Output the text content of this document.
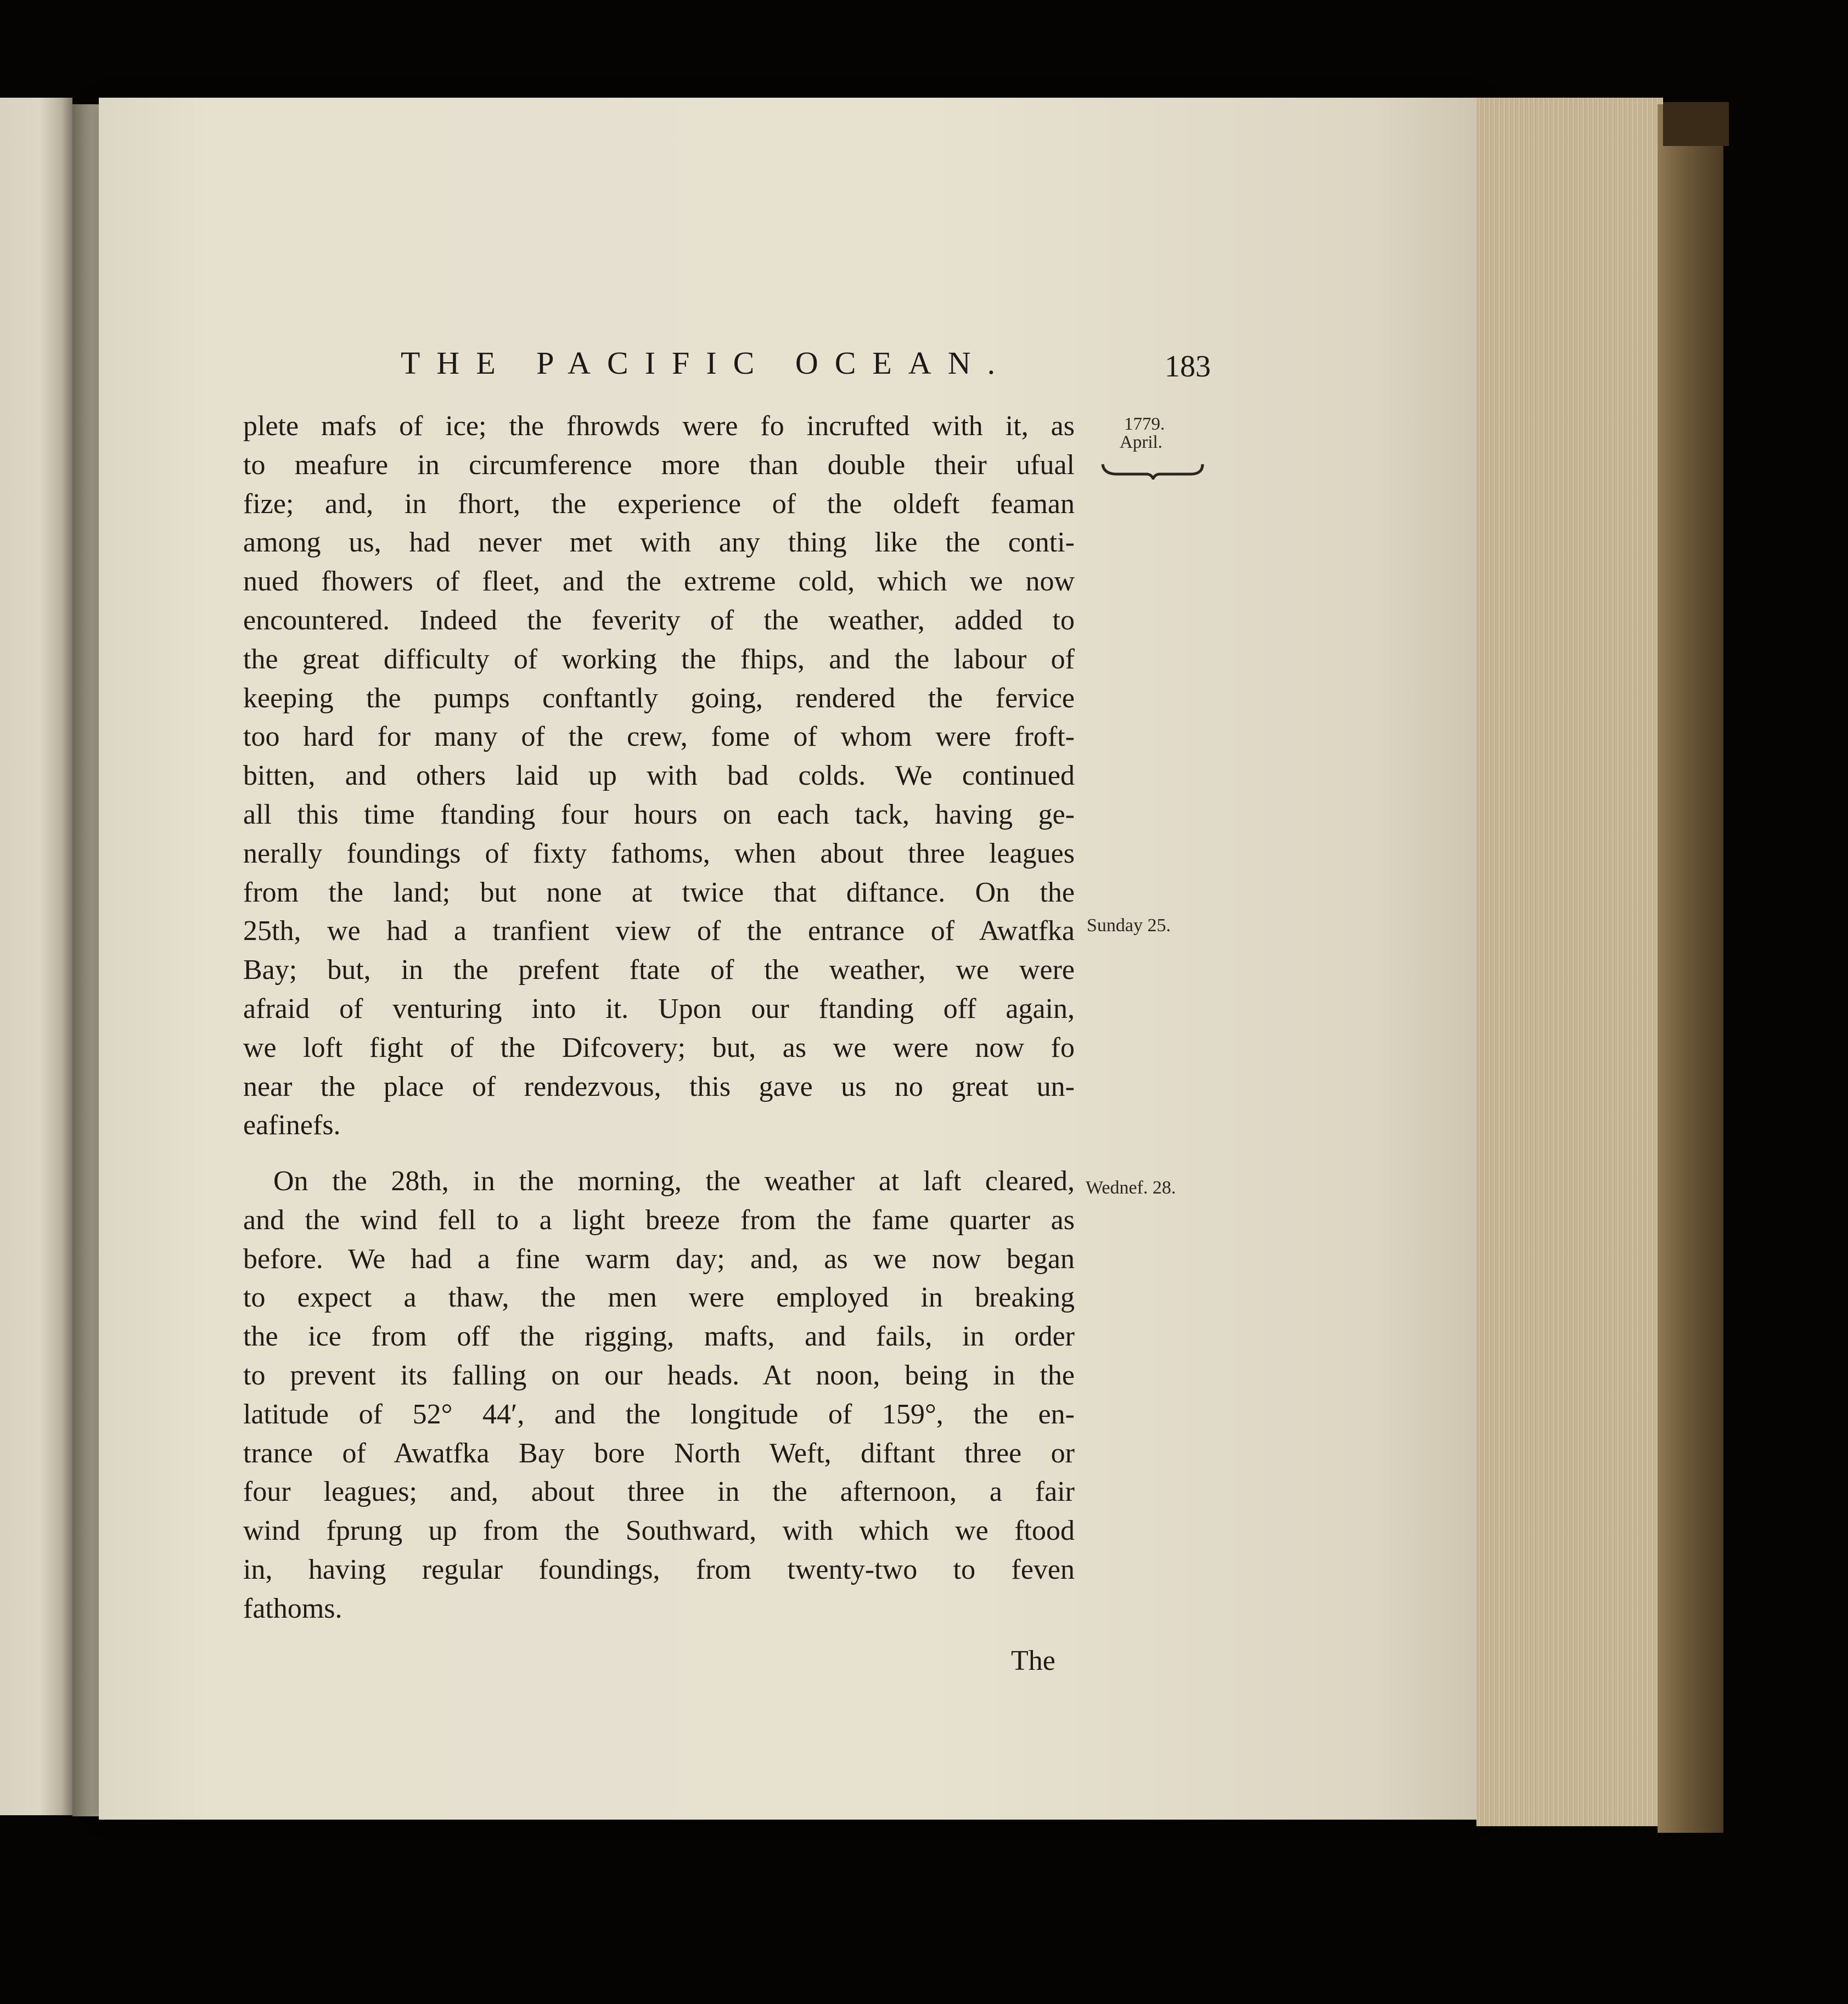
THE PACIFIC OCEAN.	183
1779.
April.
Sunday 25.
Wednef. 28.
plete mafs of ice; the fhrowds were fo incrufted with it, as
to meafure in circumference more than double their ufual
fize; and, in fhort, the experience of the oldeft feaman
among us, had never met with any thing like the conti-
nued fhowers of fleet, and the extreme cold, which we now
encountered. Indeed the feverity of the weather, added to
the great difficulty of working the fhips, and the labour of
keeping the pumps conftantly going, rendered the fervice
too hard for many of the crew, fome of whom were froft-
bitten, and others laid up with bad colds. We continued
all this time ftanding four hours on each tack, having ge-
nerally foundings of fixty fathoms, when about three leagues
from the land; but none at twice that diftance. On the
25th, we had a tranfient view of the entrance of Awatfka
Bay; but, in the prefent ftate of the weather, we were
afraid of venturing into it. Upon our ftanding off again,
we loft fight of the Difcovery; but, as we were now fo
near the place of rendezvous, this gave us no great un-
eafinefs.
On the 28th, in the morning, the weather at laft cleared,
and the wind fell to a light breeze from the fame quarter as
before. We had a fine warm day; and, as we now began
to expect a thaw, the men were employed in breaking
the ice from off the rigging, mafts, and fails, in order
to prevent its falling on our heads. At noon, being in the
latitude of 52° 44′, and the longitude of 159°, the en-
trance of Awatfka Bay bore North Weft, diftant three or
four leagues; and, about three in the afternoon, a fair
wind fprung up from the Southward, with which we ftood
in, having regular foundings, from twenty-two to feven
fathoms.
The
